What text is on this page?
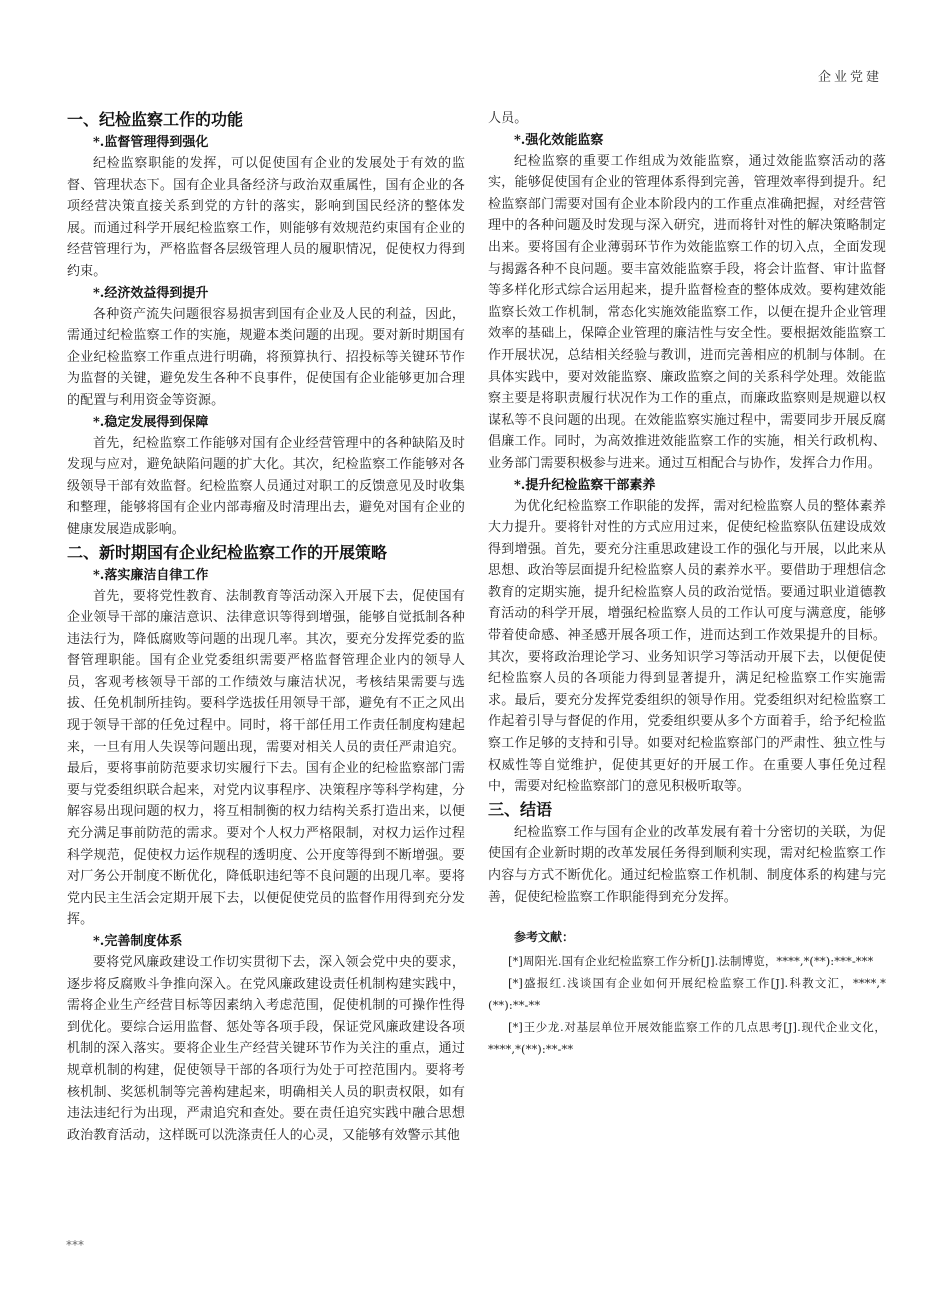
企业党建
一、纪检监察工作的功能
*.监督管理得到强化

纪检监察职能的发挥，可以促使国有企业的发展处于有效的监督、管理状态下。国有企业具备经济与政治双重属性，国有企业的各项经营决策直接关系到党的方针的落实，影响到国民经济的整体发展。而通过科学开展纪检监察工作，则能够有效规范约束国有企业的经营管理行为，严格监督各层级管理人员的履职情况，促使权力得到约束。

*.经济效益得到提升

各种资产流失问题很容易损害到国有企业及人民的利益，因此，需通过纪检监察工作的实施，规避本类问题的出现。要对新时期国有企业纪检监察工作重点进行明确，将预算执行、招投标等关键环节作为监督的关键，避免发生各种不良事件，促使国有企业能够更加合理的配置与利用资金等资源。

*.稳定发展得到保障

首先，纪检监察工作能够对国有企业经营管理中的各种缺陷及时发现与应对，避免缺陷问题的扩大化。其次，纪检监察工作能够对各级领导干部有效监督。纪检监察人员通过对职工的反馈意见及时收集和整理，能够将国有企业内部毒瘤及时清理出去，避免对国有企业的健康发展造成影响。

二、新时期国有企业纪检监察工作的开展策略
*.落实廉洁自律工作

首先，要将党性教育、法制教育等活动深入开展下去，促使国有企业领导干部的廉洁意识、法律意识等得到增强，能够自觉抵制各种违法行为，降低腐败等问题的出现几率。其次，要充分发挥党委的监督管理职能。国有企业党委组织需要严格监督管理企业内的领导人员，客观考核领导干部的工作绩效与廉洁状况，考核结果需要与选拔、任免机制所挂钩。要科学选拔任用领导干部，避免有不正之风出现于领导干部的任免过程中。同时，将干部任用工作责任制度构建起来，一旦有用人失误等问题出现，需要对相关人员的责任严肃追究。最后，要将事前防范要求切实履行下去。国有企业的纪检监察部门需要与党委组织联合起来，对党内议事程序、决策程序等科学构建，分解容易出现问题的权力，将互相制衡的权力结构关系打造出来，以便充分满足事前防范的需求。要对个人权力严格限制，对权力运作过程科学规范，促使权力运作规程的透明度、公开度等得到不断增强。要对厂务公开制度不断优化，降低职违纪等不良问题的出现几率。要将党内民主生活会定期开展下去，以便促使党员的监督作用得到充分发挥。

*.完善制度体系

要将党风廉政建设工作切实贯彻下去，深入领会党中央的要求，逐步将反腐败斗争推向深入。在党风廉政建设责任机制构建实践中，需将企业生产经营目标等因素纳入考虑范围，促使机制的可操作性得到优化。要综合运用监督、惩处等各项手段，保证党风廉政建设各项机制的深入落实。要将企业生产经营关键环节作为关注的重点，通过规章机制的构建，促使领导干部的各项行为处于可控范围内。要将考核机制、奖惩机制等完善构建起来，明确相关人员的职责权限，如有违法违纪行为出现，严肃追究和查处。要在责任追究实践中融合思想政治教育活动，这样既可以洗涤责任人的心灵，又能够有效警示其他

人员。

*.强化效能监察

纪检监察的重要工作组成为效能监察，通过效能监察活动的落实，能够促使国有企业的管理体系得到完善，管理效率得到提升。纪检监察部门需要对国有企业本阶段内的工作重点准确把握，对经营管理中的各种问题及时发现与深入研究，进而将针对性的解决策略制定出来。要将国有企业薄弱环节作为效能监察工作的切入点，全面发现与揭露各种不良问题。要丰富效能监察手段，将会计监督、审计监督等多样化形式综合运用起来，提升监督检查的整体成效。要构建效能监察长效工作机制，常态化实施效能监察工作，以便在提升企业管理效率的基础上，保障企业管理的廉洁性与安全性。要根据效能监察工作开展状况，总结相关经验与教训，进而完善相应的机制与体制。在具体实践中，要对效能监察、廉政监察之间的关系科学处理。效能监察主要是将职责履行状况作为工作的重点，而廉政监察则是规避以权谋私等不良问题的出现。在效能监察实施过程中，需要同步开展反腐倡廉工作。同时，为高效推进效能监察工作的实施，相关行政机构、业务部门需要积极参与进来。通过互相配合与协作，发挥合力作用。

*.提升纪检监察干部素养

为优化纪检监察工作职能的发挥，需对纪检监察人员的整体素养大力提升。要将针对性的方式应用过来，促使纪检监察队伍建设成效得到增强。首先，要充分注重思政建设工作的强化与开展，以此来从思想、政治等层面提升纪检监察人员的素养水平。要借助于理想信念教育的定期实施，提升纪检监察人员的政治觉悟。要通过职业道德教育活动的科学开展，增强纪检监察人员的工作认可度与满意度，能够带着使命感、神圣感开展各项工作，进而达到工作效果提升的目标。其次，要将政治理论学习、业务知识学习等活动开展下去，以便促使纪检监察人员的各项能力得到显著提升，满足纪检监察工作实施需求。最后，要充分发挥党委组织的领导作用。党委组织对纪检监察工作起着引导与督促的作用，党委组织要从多个方面着手，给予纪检监察工作足够的支持和引导。如要对纪检监察部门的严肃性、独立性与权威性等自觉维护，促使其更好的开展工作。在重要人事任免过程中，需要对纪检监察部门的意见积极听取等。

三、结语

纪检监察工作与国有企业的改革发展有着十分密切的关联，为促使国有企业新时期的改革发展任务得到顺利实现，需对纪检监察工作内容与方式不断优化。通过纪检监察工作机制、制度体系的构建与完善，促使纪检监察工作职能得到充分发挥。

参考文献：

[*]周阳光.国有企业纪检监察工作分析[J].法制博览，****,*(**):***-***

[*]盛报红.浅谈国有企业如何开展纪检监察工作[J].科教文汇，****,*(**):**-**

[*]王少龙.对基层单位开展效能监察工作的几点思考[J].现代企业文化，****,*(**):**-**

***
